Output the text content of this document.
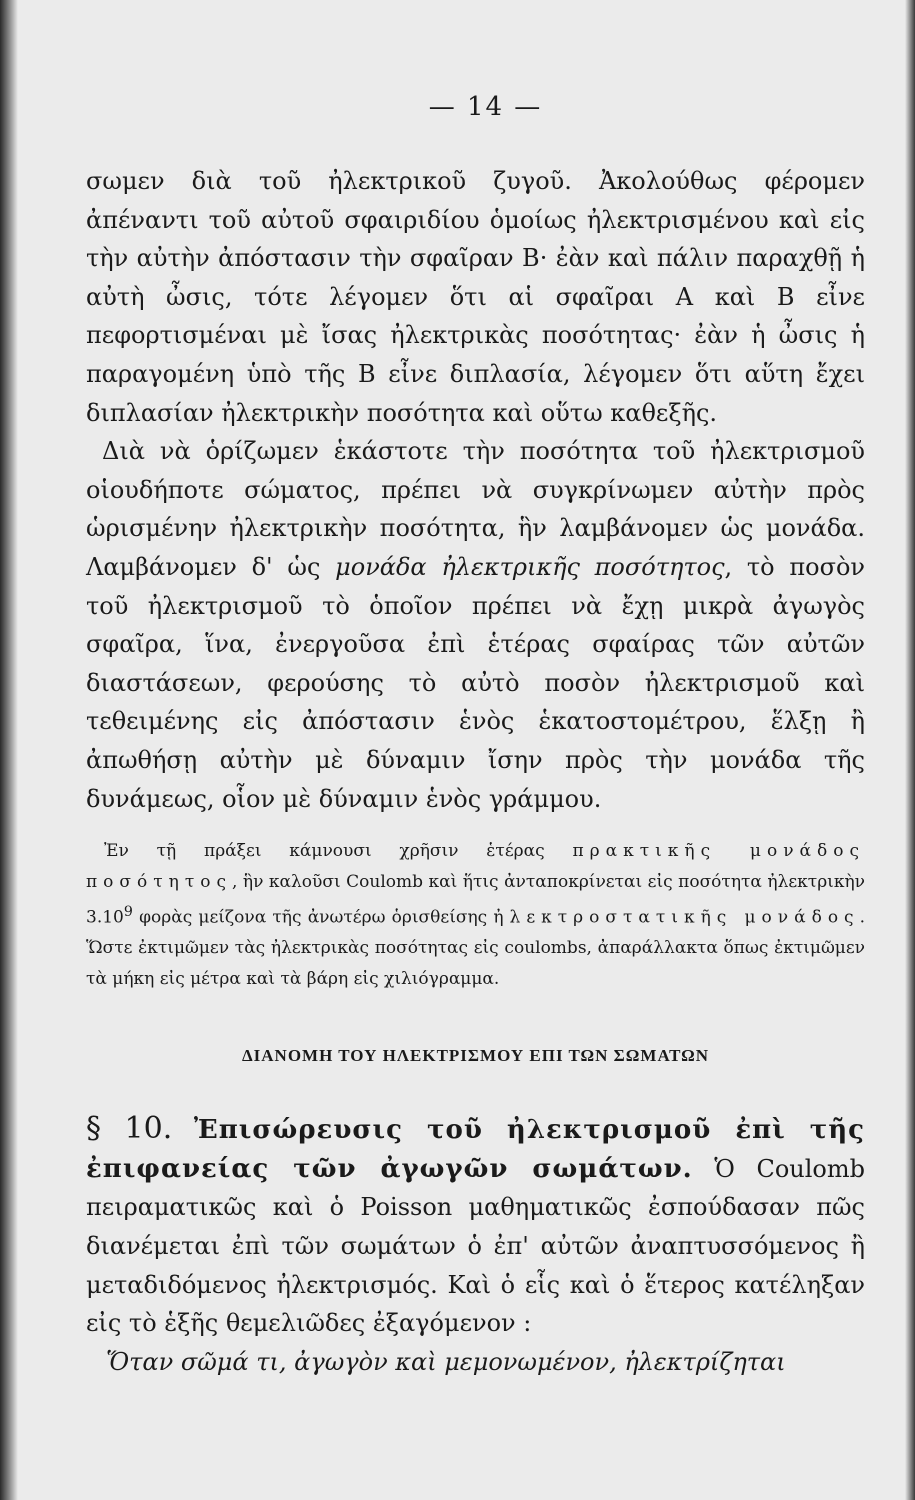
— 14 —

σωμεν διὰ τοῦ ἠλεκτρικοῦ ζυγοῦ. Ἀκολούθως φέρομεν ἀπέναντι τοῦ αὐτοῦ σφαιριδίου ὁμοίως ἠλεκτρισμένου καὶ εἰς τὴν αὐτὴν ἀπόστασιν τὴν σφαῖραν Β· ἐὰν καὶ πάλιν παραχθῇ ἡ αὐτὴ ὦσις, τότε λέγομεν ὅτι αἱ σφαῖραι Α καὶ Β εἶνε πεφορτισμέναι μὲ ἴσας ἠλεκτρικὰς ποσότητας· ἐὰν ἡ ὦσις ἡ παραγομένη ὑπὸ τῆς Β εἶνε διπλασία, λέγομεν ὅτι αὕτη ἔχει διπλασίαν ἠλεκτρικὴν ποσότητα καὶ οὕτω καθεξῆς.

Διὰ νὰ ὁρίζωμεν ἑκάστοτε τὴν ποσότητα τοῦ ἠλεκτρισμοῦ οἱουδήποτε σώματος, πρέπει νὰ συγκρίνωμεν αὐτὴν πρὸς ὡρισμένην ἠλεκτρικὴν ποσότητα, ἣν λαμβάνομεν ὡς μονάδα. Λαμβάνομεν δ' ὡς μονάδα ἠλεκτρικῆς ποσότητος, τὸ ποσὸν τοῦ ἠλεκτρισμοῦ τὸ ὁποῖον πρέπει νὰ ἔχῃ μικρὰ ἀγωγὸς σφαῖρα, ἵνα, ἐνεργοῦσα ἐπὶ ἑτέρας σφαίρας τῶν αὐτῶν διαστάσεων, φερούσης τὸ αὐτὸ ποσὸν ἠλεκτρισμοῦ καὶ τεθειμένης εἰς ἀπόστασιν ἑνὸς ἑκατοστομέτρου, ἕλξῃ ἢ ἀπωθήσῃ αὐτὴν μὲ δύναμιν ἴσην πρὸς τὴν μονάδα τῆς δυνάμεως, οἷον μὲ δύναμιν ἑνὸς γράμμου.

Ἐν τῇ πράξει κάμνουσι χρῆσιν ἑτέρας πρακτικῆς μονάδος ποσότητος, ἣν καλοῦσι Coulomb καὶ ἥτις ἀνταποκρίνεται εἰς ποσότητα ἠλεκτρικὴν 3.10$^9$ φορὰς μείζονα τῆς ἀνωτέρω ὁρισθείσης ἠλεκτροστατικῆς μονάδος. Ὥστε ἐκτιμῶμεν τὰς ἠλεκτρικὰς ποσότητας εἰς coulombs, ἀπαράλλακτα ὅπως ἐκτιμῶμεν τὰ μήκη εἰς μέτρα καὶ τὰ βάρη εἰς χιλιόγραμμα.

ΔΙΑΝΟΜΗ ΤΟΥ ΗΛΕΚΤΡΙΣΜΟΥ ΕΠΙ ΤΩΝ ΣΩΜΑΤΩΝ

§ 10. Ἐπισώρευσις τοῦ ἠλεκτρισμοῦ ἐπὶ τῆς ἐπιφανείας τῶν ἀγωγῶν σωμάτων. Ὁ Coulomb πειραματικῶς καὶ ὁ Poisson μαθηματικῶς ἐσπούδασαν πῶς διανέμεται ἐπὶ τῶν σωμάτων ὁ ἐπ' αὐτῶν ἀναπτυσσόμενος ἢ μεταδιδόμενος ἠλεκτρισμός. Καὶ ὁ εἷς καὶ ὁ ἕτερος κατέληξαν εἰς τὸ ἑξῆς θεμελιῶδες ἐξαγόμενον :

Ὅταν σῶμά τι, ἀγωγὸν καὶ μεμονωμένον, ἠλεκτρίζηται
